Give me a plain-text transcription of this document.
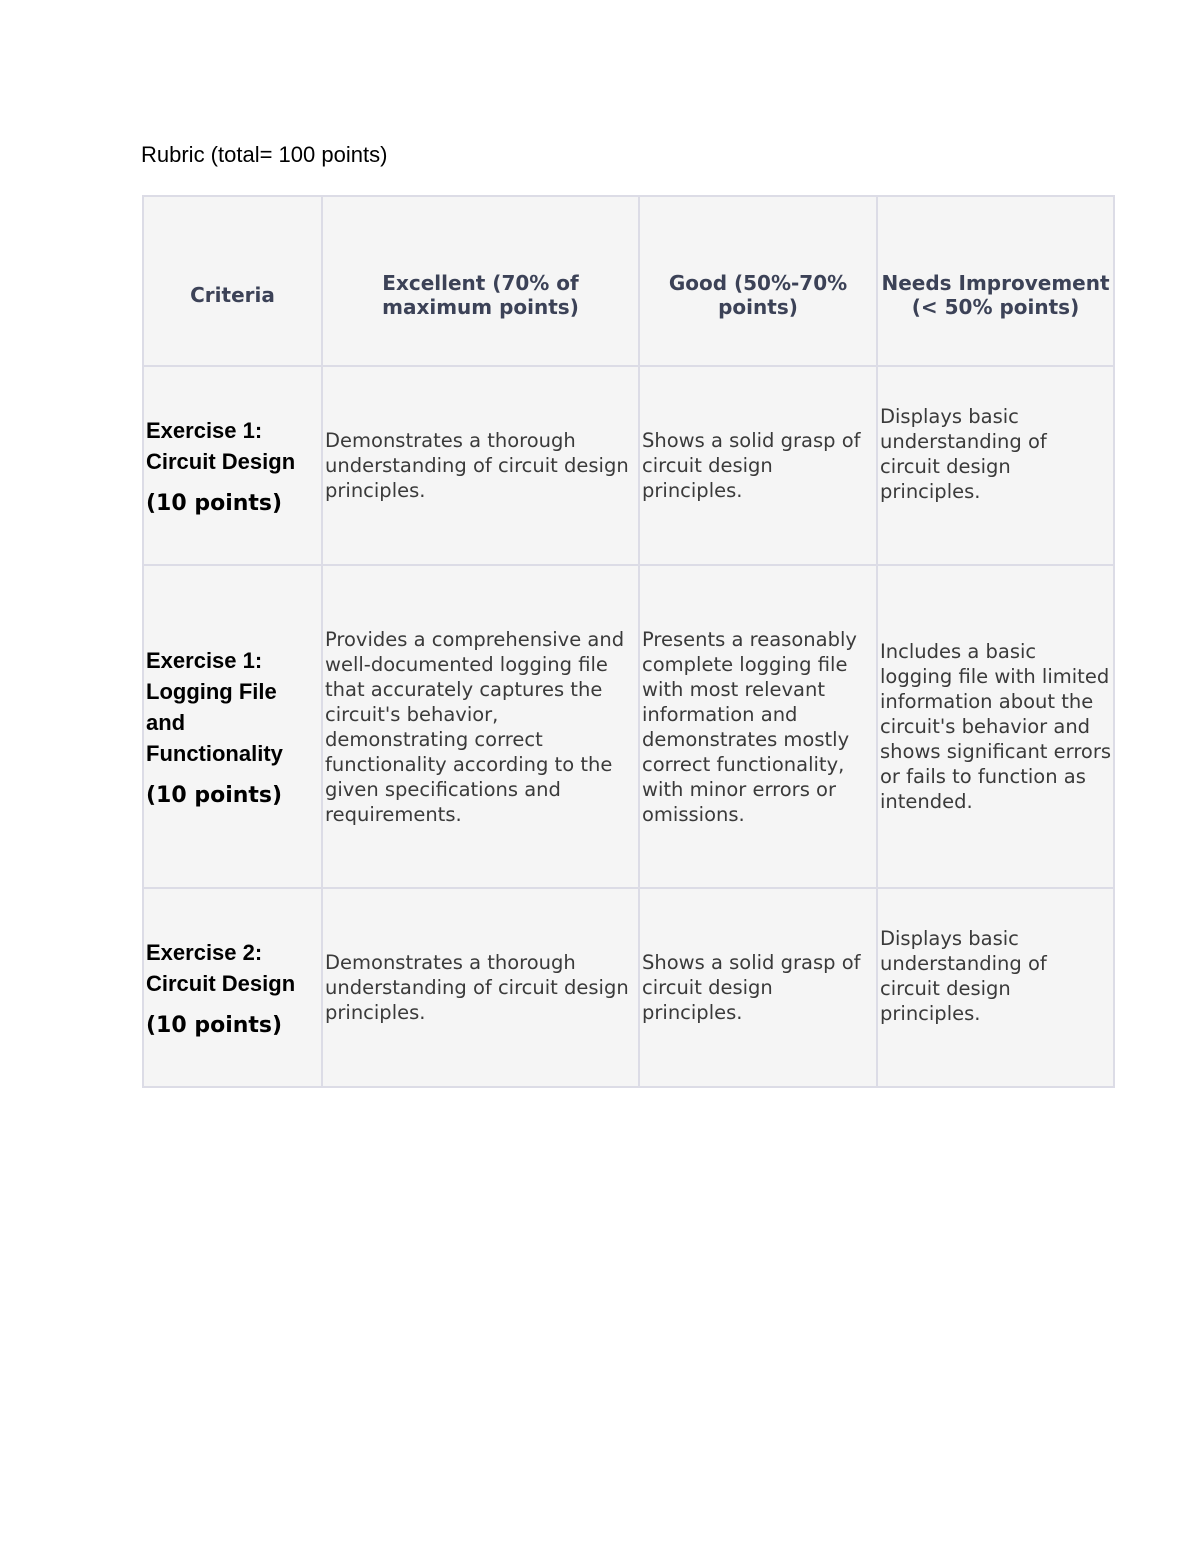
Rubric (total= 100 points)
Criteria	Excellent (70% of maximum points)	Good (50%-70% points)	Needs Improvement (< 50% points)

Exercise 1: Circuit Design
(10 points)	Demonstrates a thorough understanding of circuit design principles.	Shows a solid grasp of circuit design principles.	Displays basic understanding of circuit design principles.

Exercise 1: Logging File and Functionality
(10 points)	Provides a comprehensive and well-documented logging file that accurately captures the circuit's behavior, demonstrating correct functionality according to the given specifications and requirements.	Presents a reasonably complete logging file with most relevant information and demonstrates mostly correct functionality, with minor errors or omissions.	Includes a basic logging file with limited information about the circuit's behavior and shows significant errors or fails to function as intended.

Exercise 2: Circuit Design
(10 points)	Demonstrates a thorough understanding of circuit design principles.	Shows a solid grasp of circuit design principles.	Displays basic understanding of circuit design principles.
